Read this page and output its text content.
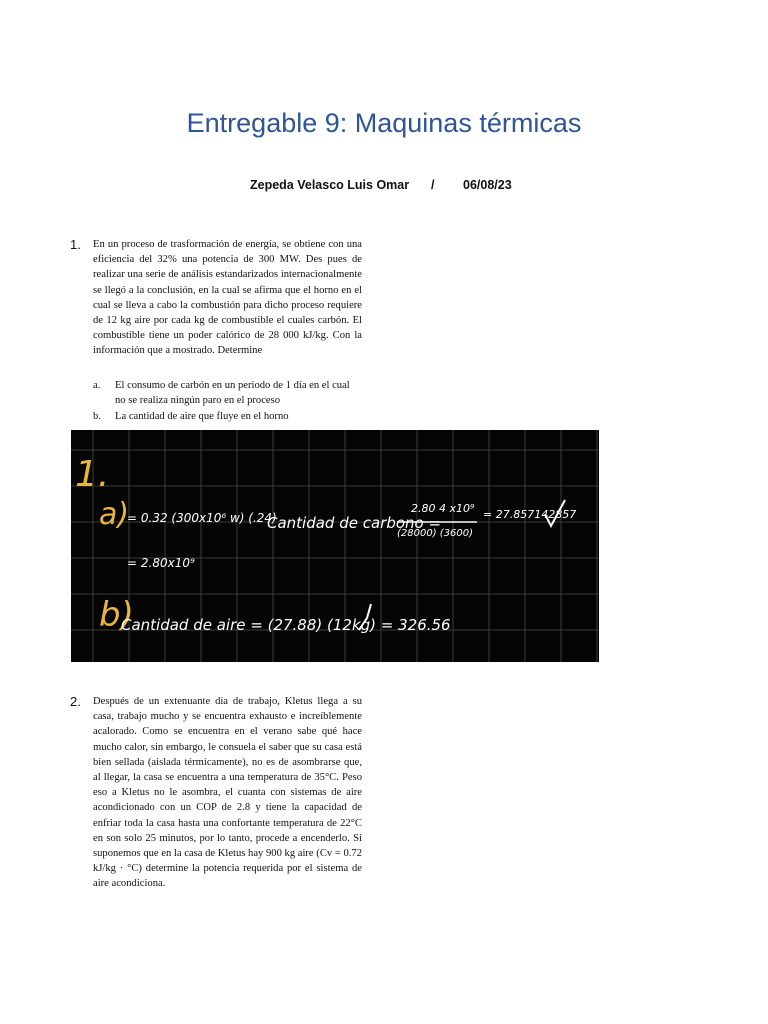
Entregable 9: Maquinas térmicas
Zepeda Velasco Luis Omar / 06/08/23
1. En un proceso de trasformación de energía, se obtiene con una eficiencia del 32% una potencia de 300 MW. Des pues de realizar una serie de análisis estandarizados internacionalmente se llegó a la conclusión, en la cual se afirma que el horno en el cual se lleva a cabo la combustión para dicho proceso requiere de 12 kg aire por cada kg de combustible el cuales carbón. El combustible tiene un poder calórico de 28 000 kJ/kg. Con la información que a mostrado. Determine

a. El consumo de carbón en un periodo de 1 día en el cual no se realiza ningún paro en el proceso
b. La cantidad de aire que fluye en el horno
1.
a)
= 0.32 (300x10⁶ w) (.24)
= 2.80x10⁹
Cantidad de carbono =
2.80 4 x10⁹
(28000) (3600)
= 27.857142857
b)
Cantidad de aire = (27.88) (12kg) = 326.56
2. Después de un extenuante día de trabajo, Kletus llega a su casa, trabajo mucho y se encuentra exhausto e increíblemente acalorado. Como se encuentra en el verano sabe qué hace mucho calor, sin embargo, le consuela el saber que su casa está bien sellada (aislada térmicamente), no es de asombrarse que, al llegar, la casa se encuentra a una temperatura de 35°C. Peso eso a Kletus no le asombra, el cuanta con sistemas de aire acondicionado con un COP de 2.8 y tiene la capacidad de enfriar toda la casa hasta una confortante temperatura de 22°C en son solo 25 minutos, por lo tanto, procede a encenderlo. Si suponemos que en la casa de Kletus hay 900 kg aire (Cv = 0.72 kJ/kg · °C) determine la potencia requerida por el sistema de aire acondiciona.
